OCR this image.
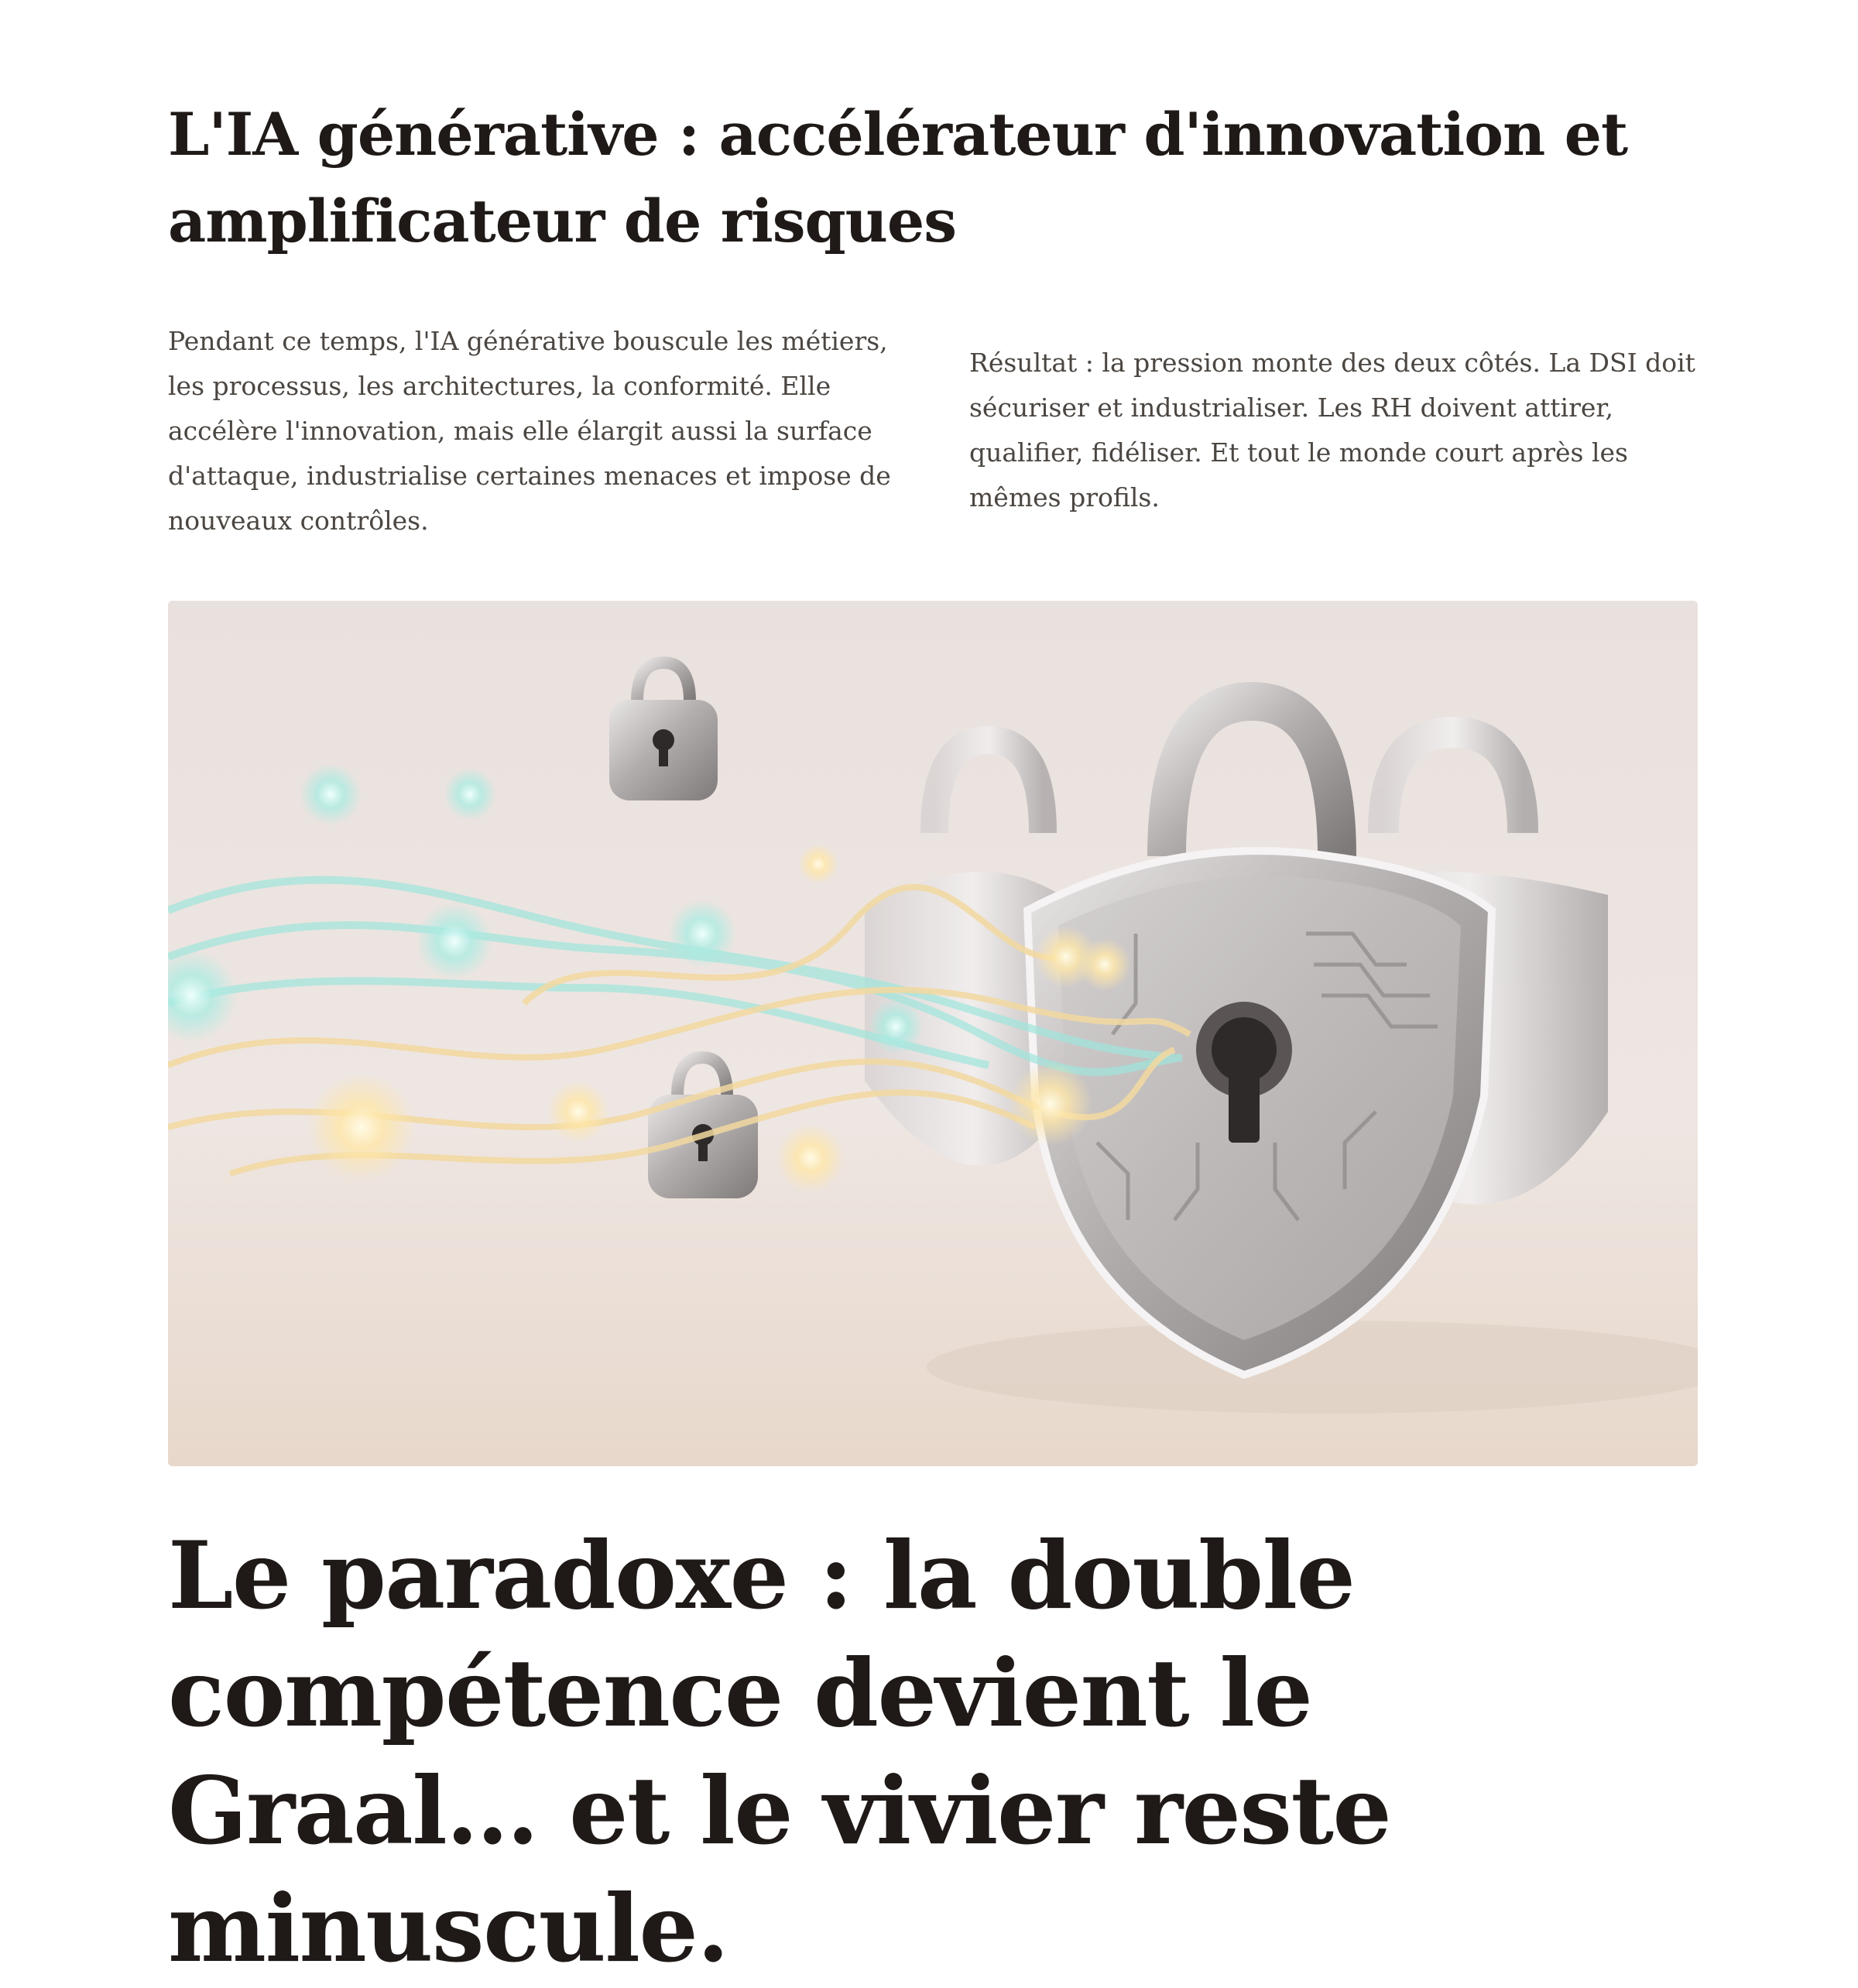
L'IA générative : accélérateur d'innovation et amplificateur de risques

Pendant ce temps, l'IA générative bouscule les métiers, les processus, les architectures, la conformité. Elle accélère l'innovation, mais elle élargit aussi la surface d'attaque, industrialise certaines menaces et impose de nouveaux contrôles.

Résultat : la pression monte des deux côtés. La DSI doit sécuriser et industrialiser. Les RH doivent attirer, qualifier, fidéliser. Et tout le monde court après les mêmes profils.

Le paradoxe : la double compétence devient le Graal… et le vivier reste minuscule.
